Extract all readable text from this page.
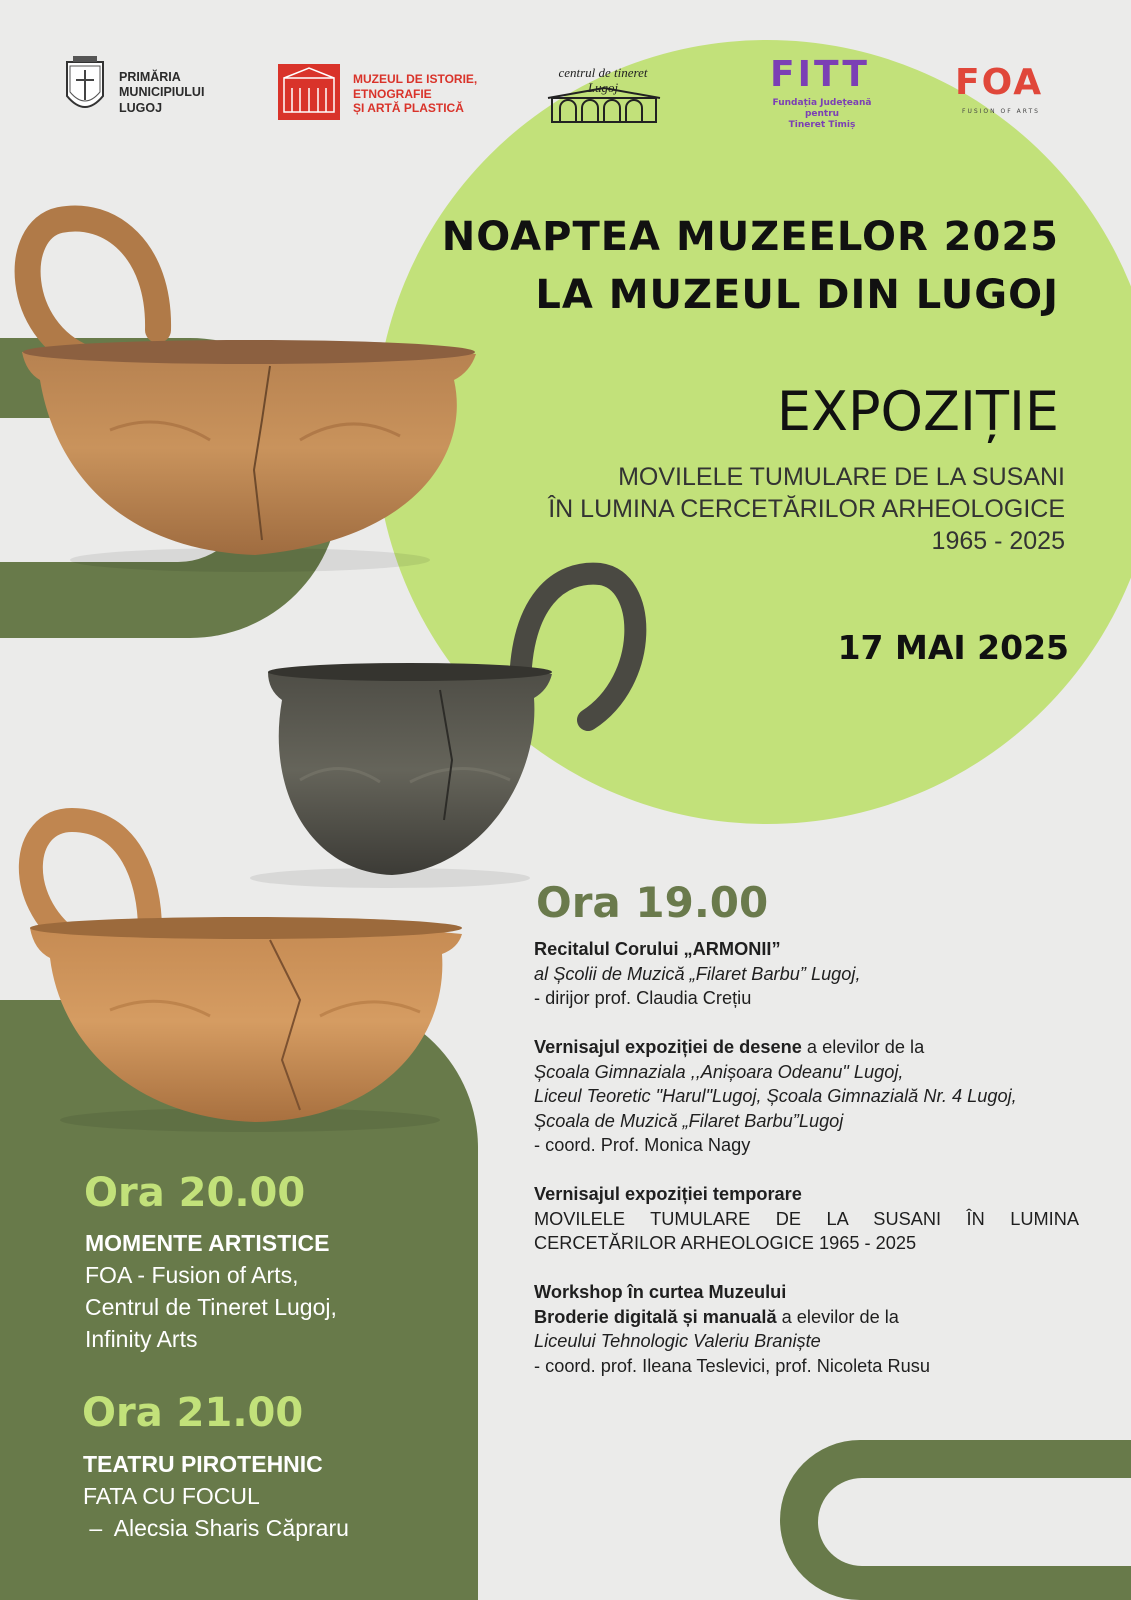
PRIMĂRIA
MUNICIPIULUI
LUGOJ
MUZEUL DE ISTORIE,
ETNOGRAFIE
ȘI ARTĂ PLASTICĂ
centrul de tineret
Lugoj	FITT
Fundația Județeană pentru
Tineret Timiș
FOA
FUSION OF ARTS
NOAPTEA MUZEELOR 2025
LA MUZEUL DIN LUGOJ
EXPOZIȚIE
MOVILELE TUMULARE DE LA SUSANI
ÎN LUMINA CERCETĂRILOR ARHEOLOGICE
1965 - 2025
17 MAI 2025
Ora 19.00
Recitalul Corului „ARMONII”
al Școlii de Muzică „Filaret Barbu” Lugoj,
- dirijor prof. Claudia Crețiu
Vernisajul expoziției de desene a elevilor de la
Școala Gimnaziala ,,Anișoara Odeanu" Lugoj,
Liceul Teoretic "Harul"Lugoj, Școala Gimnazială Nr. 4 Lugoj,
Școala de Muzică „Filaret Barbu”Lugoj
- coord. Prof. Monica Nagy
Vernisajul expoziției temporare
MOVILELE TUMULARE DE LA SUSANI ÎN LUMINA
CERCETĂRILOR ARHEOLOGICE 1965 - 2025
Workshop în curtea Muzeului
Broderie digitală și manuală a elevilor de la
Liceului Tehnologic Valeriu Braniște
- coord. prof. Ileana Teslevici, prof. Nicoleta Rusu
Ora 20.00
MOMENTE ARTISTICE
FOA - Fusion of Arts,
Centrul de Tineret Lugoj,
Infinity Arts
Ora 21.00
TEATRU PIROTEHNIC
FATA CU FOCUL
–  Alecsia Sharis Căpraru
